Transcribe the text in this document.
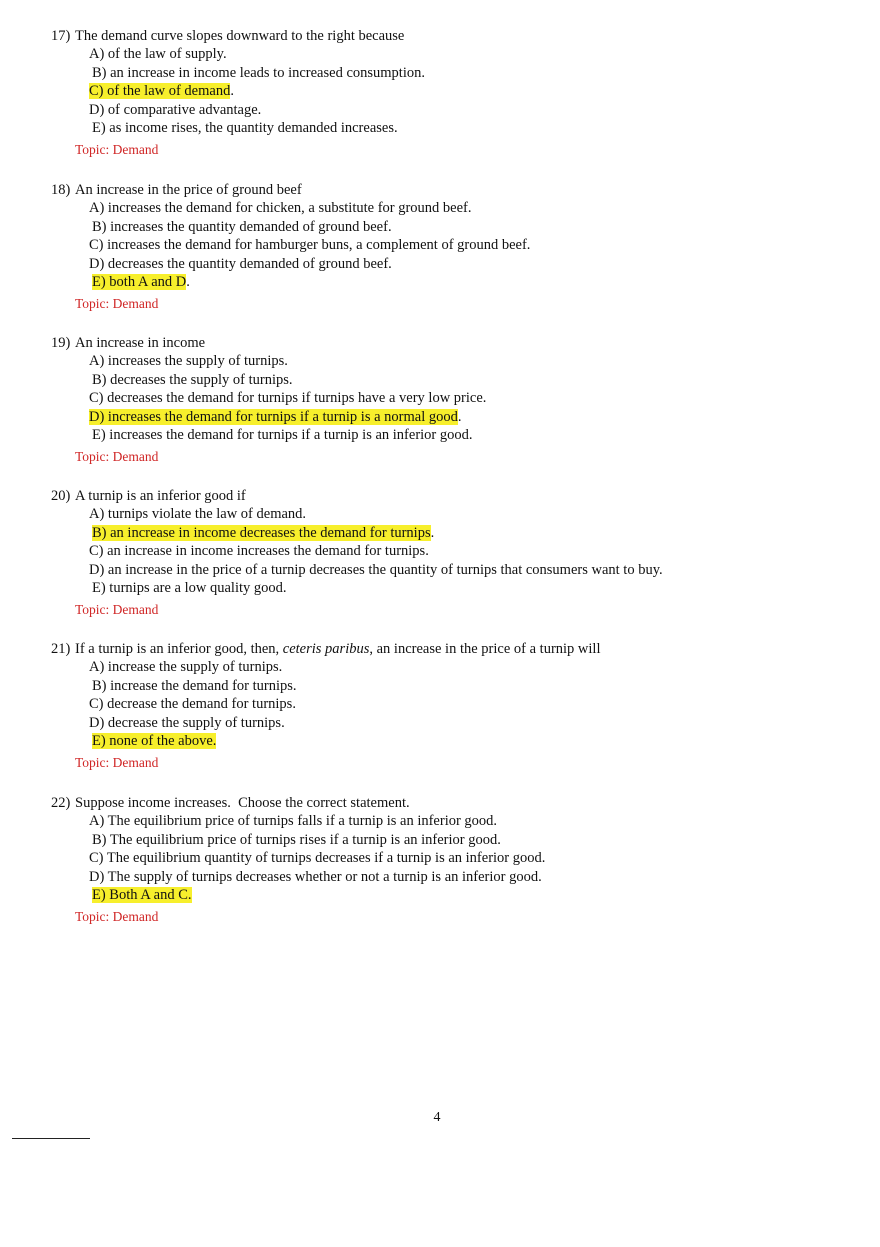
17) The demand curve slopes downward to the right because
A) of the law of supply.
B) an increase in income leads to increased consumption.
C) of the law of demand.
D) of comparative advantage.
E) as income rises, the quantity demanded increases.
Topic: Demand
18) An increase in the price of ground beef
A) increases the demand for chicken, a substitute for ground beef.
B) increases the quantity demanded of ground beef.
C) increases the demand for hamburger buns, a complement of ground beef.
D) decreases the quantity demanded of ground beef.
E) both A and D.
Topic: Demand
19) An increase in income
A) increases the supply of turnips.
B) decreases the supply of turnips.
C) decreases the demand for turnips if turnips have a very low price.
D) increases the demand for turnips if a turnip is a normal good.
E) increases the demand for turnips if a turnip is an inferior good.
Topic: Demand
20) A turnip is an inferior good if
A) turnips violate the law of demand.
B) an increase in income decreases the demand for turnips.
C) an increase in income increases the demand for turnips.
D) an increase in the price of a turnip decreases the quantity of turnips that consumers want to buy.
E) turnips are a low quality good.
Topic: Demand
21) If a turnip is an inferior good, then, ceteris paribus, an increase in the price of a turnip will
A) increase the supply of turnips.
B) increase the demand for turnips.
C) decrease the demand for turnips.
D) decrease the supply of turnips.
E) none of the above.
Topic: Demand
22) Suppose income increases.  Choose the correct statement.
A) The equilibrium price of turnips falls if a turnip is an inferior good.
B) The equilibrium price of turnips rises if a turnip is an inferior good.
C) The equilibrium quantity of turnips decreases if a turnip is an inferior good.
D) The supply of turnips decreases whether or not a turnip is an inferior good.
E) Both A and C.
Topic: Demand
4
